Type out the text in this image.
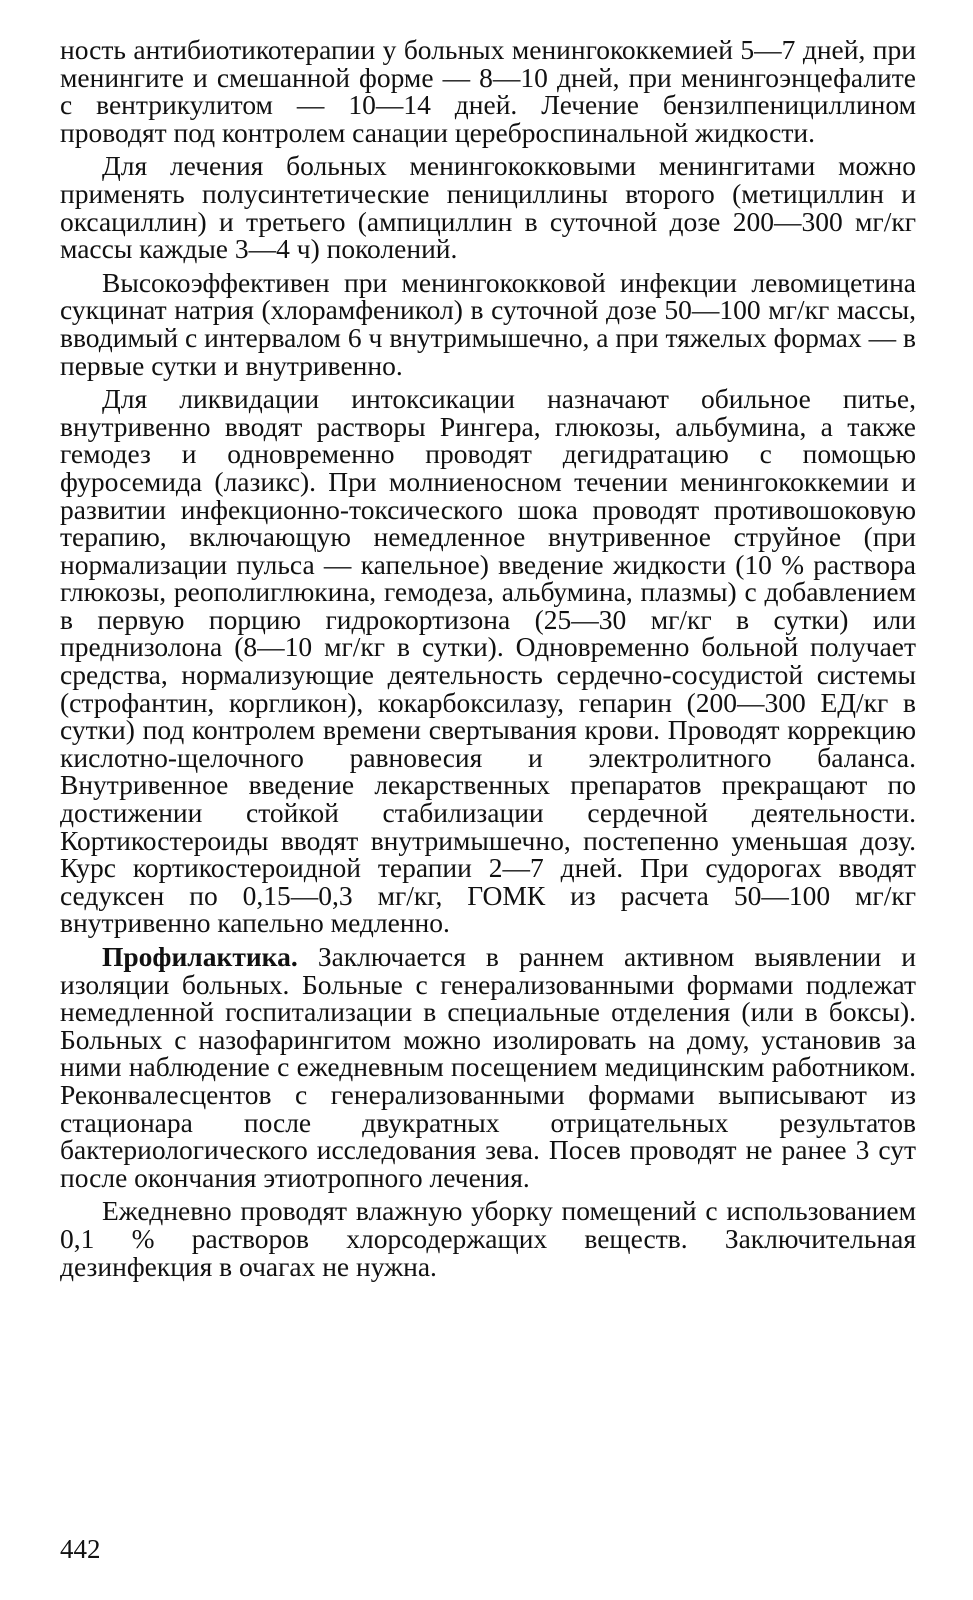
ность антибиотикотерапии у больных менингококкемией 5—7 дней, при менингите и смешанной форме — 8—10 дней, при менингоэнцефалите с вентрикулитом — 10—14 дней. Лечение бензилпенициллином проводят под контролем санации цереброспинальной жидкости.

Для лечения больных менингококковыми менингитами можно применять полусинтетические пенициллины второго (метициллин и оксациллин) и третьего (ампициллин в суточной дозе 200—300 мг/кг массы каждые 3—4 ч) поколений.

Высокоэффективен при менингококковой инфекции левомицетина сукцинат натрия (хлорамфеникол) в суточной дозе 50—100 мг/кг массы, вводимый с интервалом 6 ч внутримышечно, а при тяжелых формах — в первые сутки и внутривенно.

Для ликвидации интоксикации назначают обильное питье, внутривенно вводят растворы Рингера, глюкозы, альбумина, а также гемодез и одновременно проводят дегидратацию с помощью фуросемида (лазикс). При молниеносном течении менингококкемии и развитии инфекционно-токсического шока проводят противошоковую терапию, включающую немедленное внутривенное струйное (при нормализации пульса — капельное) введение жидкости (10 % раствора глюкозы, реополиглюкина, гемодеза, альбумина, плазмы) с добавлением в первую порцию гидрокортизона (25—30 мг/кг в сутки) или преднизолона (8—10 мг/кг в сутки). Одновременно больной получает средства, нормализующие деятельность сердечно-сосудистой системы (строфантин, коргликон), кокарбоксилазу, гепарин (200—300 ЕД/кг в сутки) под контролем времени свертывания крови. Проводят коррекцию кислотно-щелочного равновесия и электролитного баланса. Внутривенное введение лекарственных препаратов прекращают по достижении стойкой стабилизации сердечной деятельности. Кортикостероиды вводят внутримышечно, постепенно уменьшая дозу. Курс кортикостероидной терапии 2—7 дней. При судорогах вводят седуксен по 0,15—0,3 мг/кг, ГОМК из расчета 50—100 мг/кг внутривенно капельно медленно.

Профилактика. Заключается в раннем активном выявлении и изоляции больных. Больные с генерализованными формами подлежат немедленной госпитализации в специальные отделения (или в боксы). Больных с назофарингитом можно изолировать на дому, установив за ними наблюдение с ежедневным посещением медицинским работником. Реконвалесцентов с генерализованными формами выписывают из стационара после двукратных отрицательных результатов бактериологического исследования зева. Посев проводят не ранее 3 сут после окончания этиотропного лечения.

Ежедневно проводят влажную уборку помещений с использованием 0,1 % растворов хлорсодержащих веществ. Заключительная дезинфекция в очагах не нужна.

442
